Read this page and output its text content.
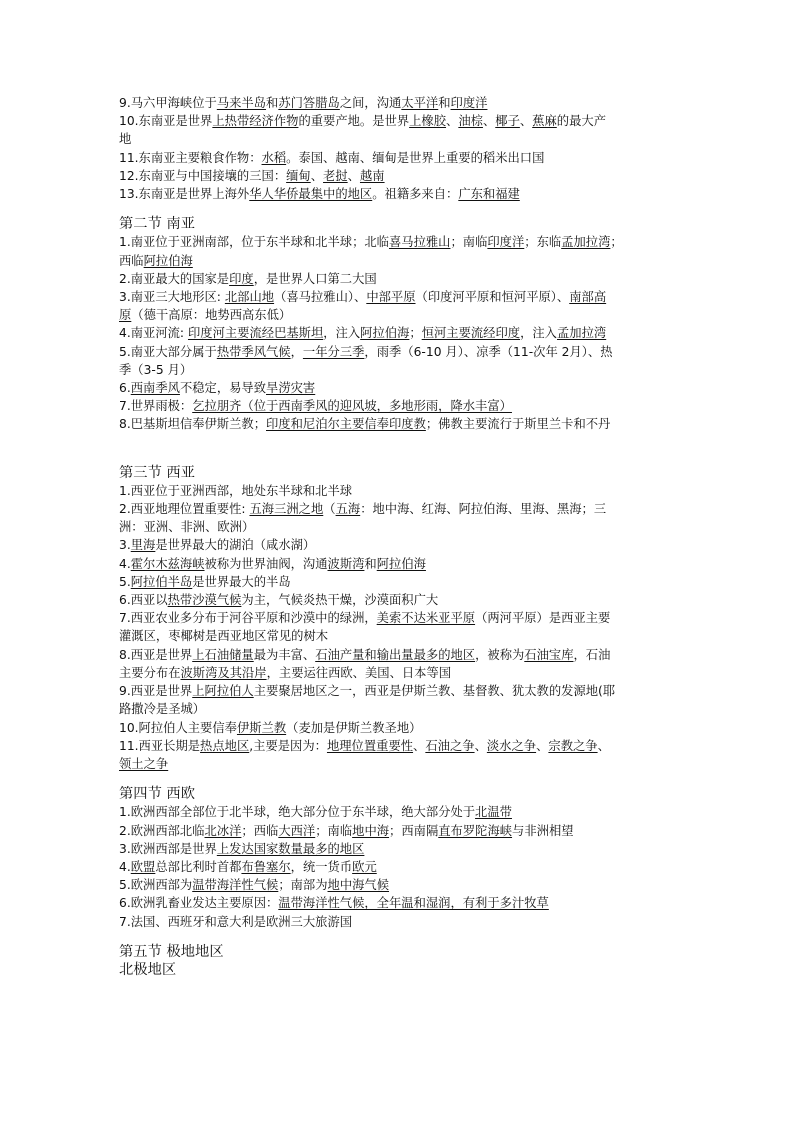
9.马六甲海峡位于马来半岛和苏门答腊岛之间，沟通太平洋和印度洋
10.东南亚是世界上热带经济作物的重要产地。是世界上橡胶、油棕、椰子、蕉麻的最大产
地
11.东南亚主要粮食作物：水稻。泰国、越南、缅甸是世界上重要的稻米出口国
12.东南亚与中国接壤的三国：缅甸、老挝、越南
13.东南亚是世界上海外华人华侨最集中的地区。祖籍多来自：广东和福建
第二节 南亚
1.南亚位于亚洲南部，位于东半球和北半球；北临喜马拉雅山；南临印度洋；东临孟加拉湾；
西临阿拉伯海
2.南亚最大的国家是印度，是世界人口第二大国
3.南亚三大地形区: 北部山地（喜马拉雅山）、中部平原（印度河平原和恒河平原）、南部高
原（德干高原：地势西高东低）
4.南亚河流: 印度河主要流经巴基斯坦，注入阿拉伯海；恒河主要流经印度，注入孟加拉湾
5.南亚大部分属于热带季风气候，一年分三季，雨季（6-10 月）、凉季（11-次年 2月）、热
季（3-5 月）
6.西南季风不稳定，易导致旱涝灾害
7.世界雨极：乞拉朋齐（位于西南季风的迎风坡，多地形雨，降水丰富）
8.巴基斯坦信奉伊斯兰教；印度和尼泊尔主要信奉印度教；佛教主要流行于斯里兰卡和不丹
第三节 西亚
1.西亚位于亚洲西部，地处东半球和北半球
2.西亚地理位置重要性: 五海三洲之地（五海：地中海、红海、阿拉伯海、里海、黑海；三
洲：亚洲、非洲、欧洲）
3.里海是世界最大的湖泊（咸水湖）
4.霍尔木兹海峡被称为世界油阀，沟通波斯湾和阿拉伯海
5.阿拉伯半岛是世界最大的半岛
6.西亚以热带沙漠气候为主，气候炎热干燥，沙漠面积广大
7.西亚农业多分布于河谷平原和沙漠中的绿洲，美索不达米亚平原（两河平原）是西亚主要
灌溉区，枣椰树是西亚地区常见的树木
8.西亚是世界上石油储量最为丰富、石油产量和输出量最多的地区，被称为石油宝库，石油
主要分布在波斯湾及其沿岸，主要运往西欧、美国、日本等国
9.西亚是世界上阿拉伯人主要聚居地区之一，西亚是伊斯兰教、基督教、犹太教的发源地(耶
路撒冷是圣城）
10.阿拉伯人主要信奉伊斯兰教（麦加是伊斯兰教圣地）
11.西亚长期是热点地区,主要是因为：地理位置重要性、石油之争、淡水之争、宗教之争、
领土之争
第四节 西欧
1.欧洲西部全部位于北半球，绝大部分位于东半球，绝大部分处于北温带
2.欧洲西部北临北冰洋；西临大西洋；南临地中海；西南隔直布罗陀海峡与非洲相望
3.欧洲西部是世界上发达国家数量最多的地区
4.欧盟总部比利时首都布鲁塞尔，统一货币欧元
5.欧洲西部为温带海洋性气候；南部为地中海气候
6.欧洲乳畜业发达主要原因：温带海洋性气候，全年温和湿润，有利于多汁牧草
7.法国、西班牙和意大利是欧洲三大旅游国
第五节 极地地区
北极地区
